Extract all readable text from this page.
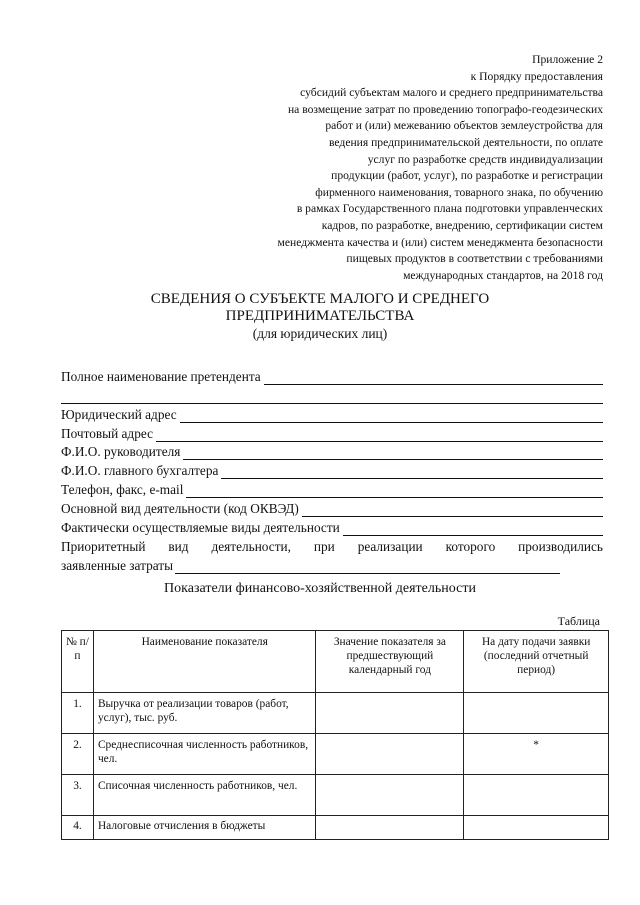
Приложение 2
к Порядку предоставления
субсидий субъектам малого и среднего предпринимательства
на возмещение затрат по проведению топографо-геодезических
работ и (или) межеванию объектов землеустройства для
ведения предпринимательской деятельности, по оплате
услуг по разработке средств индивидуализации
продукции (работ, услуг), по разработке и регистрации
фирменного наименования, товарного знака, по обучению
в рамках Государственного плана подготовки управленческих
кадров, по разработке, внедрению, сертификации систем
менеджмента качества и (или) систем менеджмента безопасности
пищевых продуктов в соответствии с требованиями
международных стандартов, на 2018 год
СВЕДЕНИЯ О СУБЪЕКТЕ МАЛОГО И СРЕДНЕГО
ПРЕДПРИНИМАТЕЛЬСТВА
(для юридических лиц)
Полное наименование претендента
Юридический адрес
Почтовый адрес
Ф.И.О. руководителя
Ф.И.О. главного бухгалтера
Телефон, факс, e-mail
Основной вид деятельности (код ОКВЭД)
Фактически осуществляемые виды деятельности
Приоритетный вид деятельности, при реализации которого производились
заявленные затраты
Показатели финансово-хозяйственной деятельности
Таблица
№ п/п	Наименование показателя	Значение показателя за предшествующий календарный год	На дату подачи заявки (последний отчетный период)
1.	Выручка от реализации товаров (работ, услуг), тыс. руб.		
2.	Среднесписочная численность работников, чел.		*
3.	Списочная численность работников, чел.		
4.	Налоговые отчисления в бюджеты		
